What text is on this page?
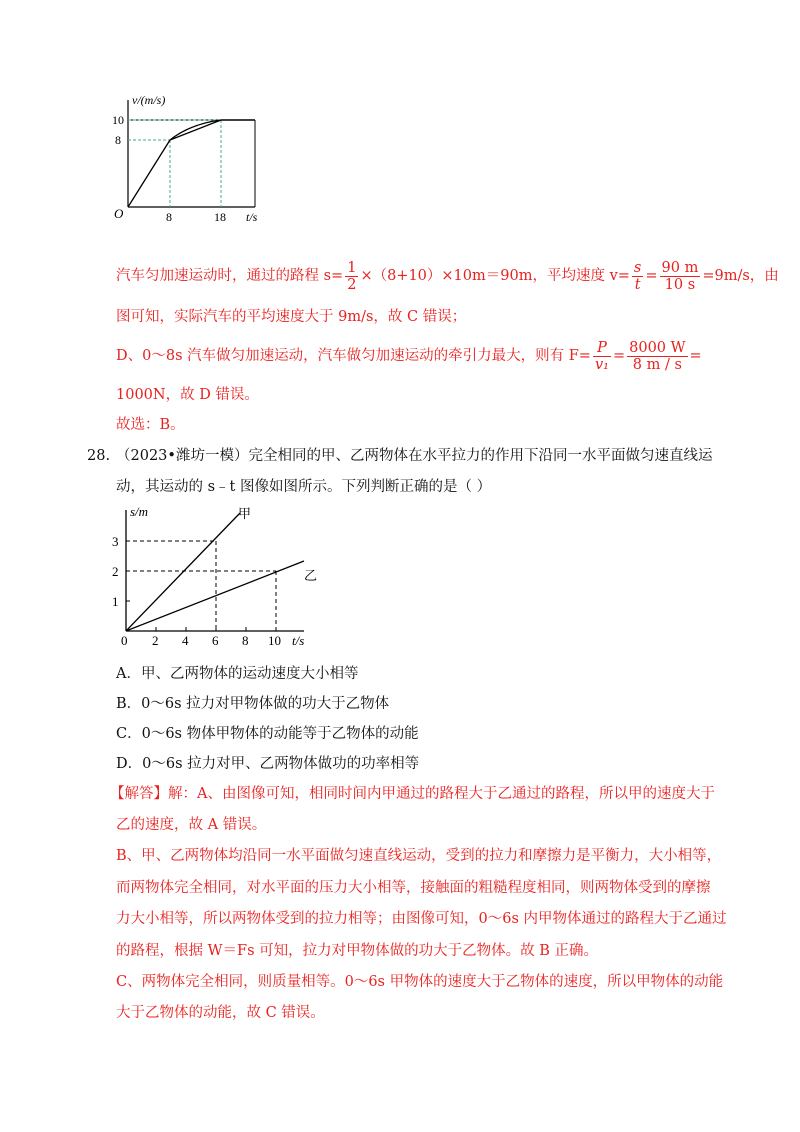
v/(m/s)
10
8
O	8	18 t/s
汽车匀加速运动时，通过的路程 $s= \frac{1}{2} \times(8+10)\times 10m=90m$，平均速度 $v= \frac{s}{t} = \frac{90 m}{10 s} =9m/s$，由
图可知，实际汽车的平均速度大于 9m/s，故 C 错误；
D、0～8s 汽车做匀加速运动，汽车做匀加速运动的牵引力最大，则有 $F= \frac{P}{\text{v₁}} = \frac{8000 W}{8 m / s}$ =
1000N，故 D 错误。
故选：B。
28. （2023•潍坊一模）完全相同的甲、乙两物体在水平拉力的作用下沿同一水平面做匀速直线运
动，其运动的 s﹣t 图像如图所示。下列判断正确的是（ ）
s/m	甲
乙
3
2
1
0 2 4 6 8 10 t/s
A．甲、乙两物体的运动速度大小相等
B．0～6s 拉力对甲物体做的功大于乙物体
C．0～6s 物体甲物体的动能等于乙物体的动能
D．0～6s 拉力对甲、乙两物体做功的功率相等
【解答】解：A、由图像可知，相同时间内甲通过的路程大于乙通过的路程，所以甲的速度大于
乙的速度，故 A 错误。
B、甲、乙两物体均沿同一水平面做匀速直线运动，受到的拉力和摩擦力是平衡力，大小相等，
而两物体完全相同，对水平面的压力大小相等，接触面的粗糙程度相同，则两物体受到的摩擦
力大小相等，所以两物体受到的拉力相等；由图像可知，0～6s 内甲物体通过的路程大于乙通过
的路程，根据 W＝Fs 可知，拉力对甲物体做的功大于乙物体。故 B 正确。
C、两物体完全相同，则质量相等。0～6s 甲物体的速度大于乙物体的速度，所以甲物体的动能
大于乙物体的动能，故 C 错误。
